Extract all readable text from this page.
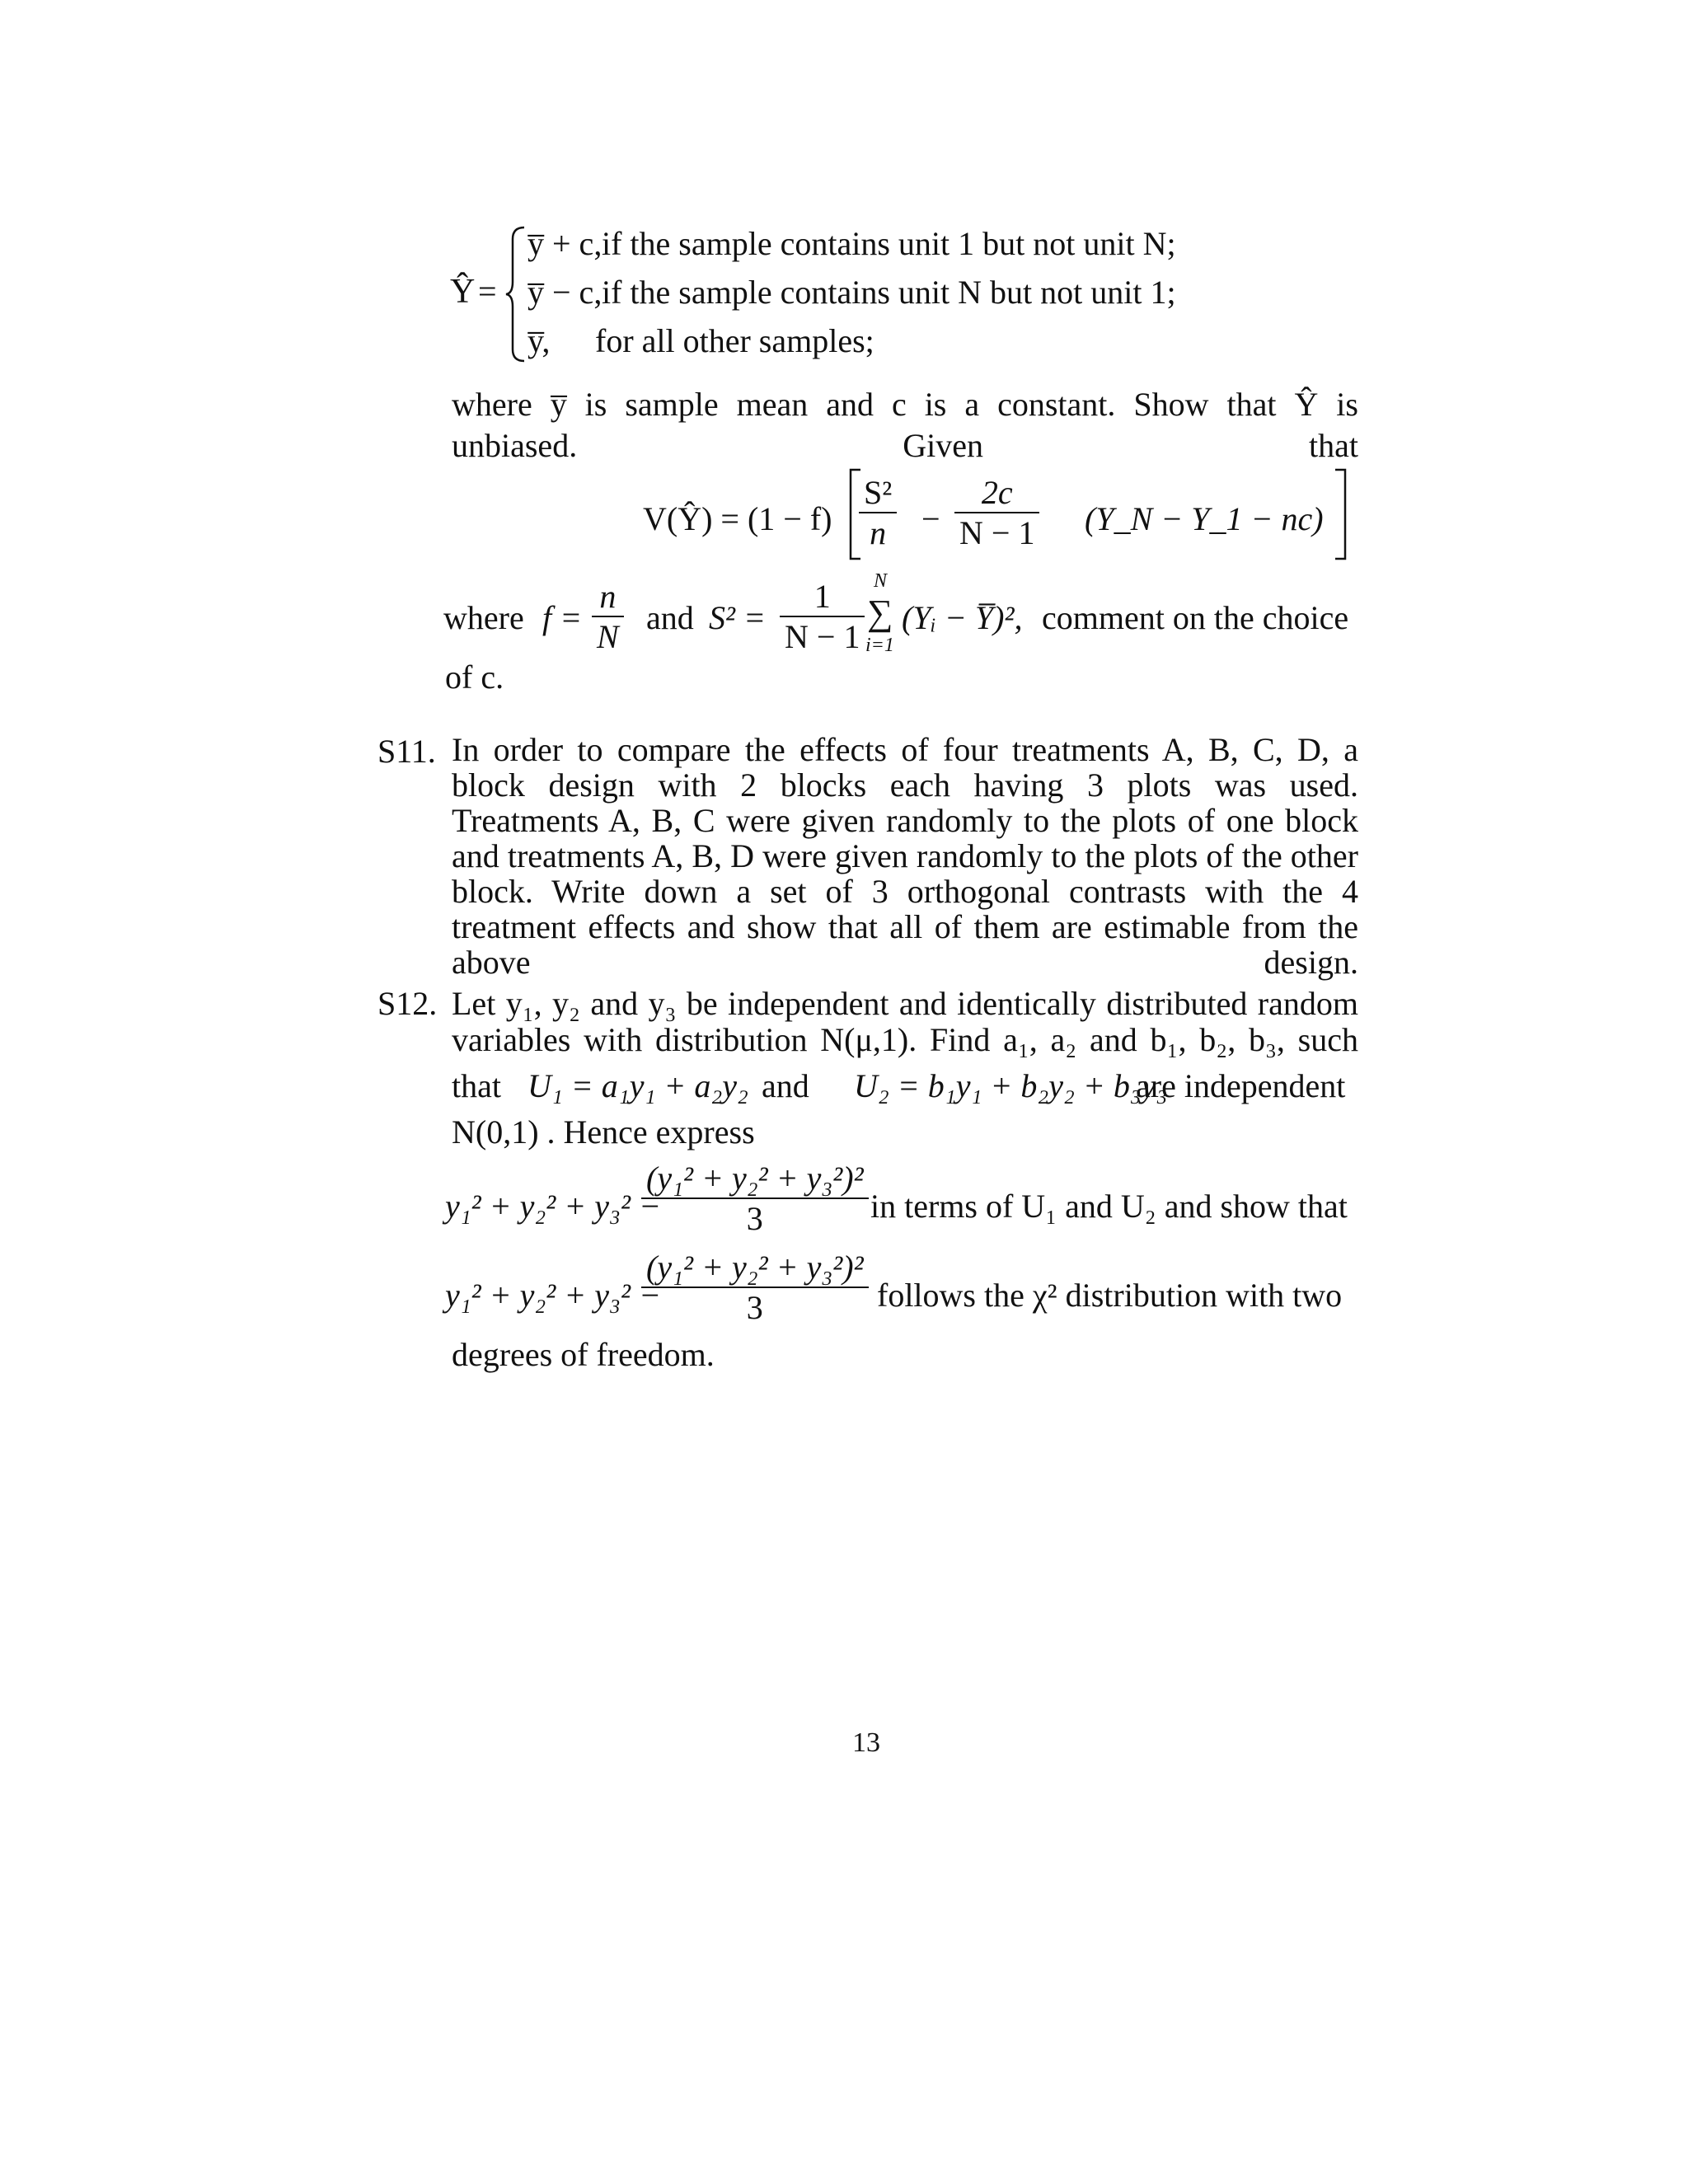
Ŷ =
y̅ + c, if the sample contains unit 1 but not unit N;
y̅ − c, if the sample contains unit N but not unit 1;
y̅, for all other samples;
where y̅ is sample mean and c is a constant. Show that Ŷ is unbiased. Given that
V(Ŷ) = $(1 - f) \frac{\text{S²}}{n} - \frac{2c}{N - 1}$ (Y_N − Y_1 − nc)
where $f = \frac{n}{N}$ and $S^2 = \frac{1}{N - 1}$ N
∑
i=1
(Yᵢ − Y̅)², comment on the choice
of c.
S11. In order to compare the effects of four treatments A, B, C, D, a block design with 2 blocks each having 3 plots was used. Treatments A, B, C were given randomly to the plots of one block and treatments A, B, D were given randomly to the plots of the other block. Write down a set of 3 orthogonal contrasts with the 4 treatment effects and show that all of them are estimable from the above design.
S12. Let y₁, y₂ and y₃ be independent and identically distributed random
variables with distribution N(μ,1). Find a₁, a₂ and b₁, b₂, b₃, such
that U₁ = a₁y₁ + a₂y₂ and U₂ = b₁y₁ + b₂y₂ + b₃y₃
are independent
N(0,1) . Hence express
y₁² + y₂² + y₃² −
$\frac{\text{(y₁² + y₂² + y₃²)²}}{3}$ in terms of U₁ and U₂ and show that
y₁² + y₂² + y₃² −
$\frac{\text{(y₁² + y₂² + y₃²)²}}{3}$ follows the χ² distribution with two
degrees of freedom.
13
